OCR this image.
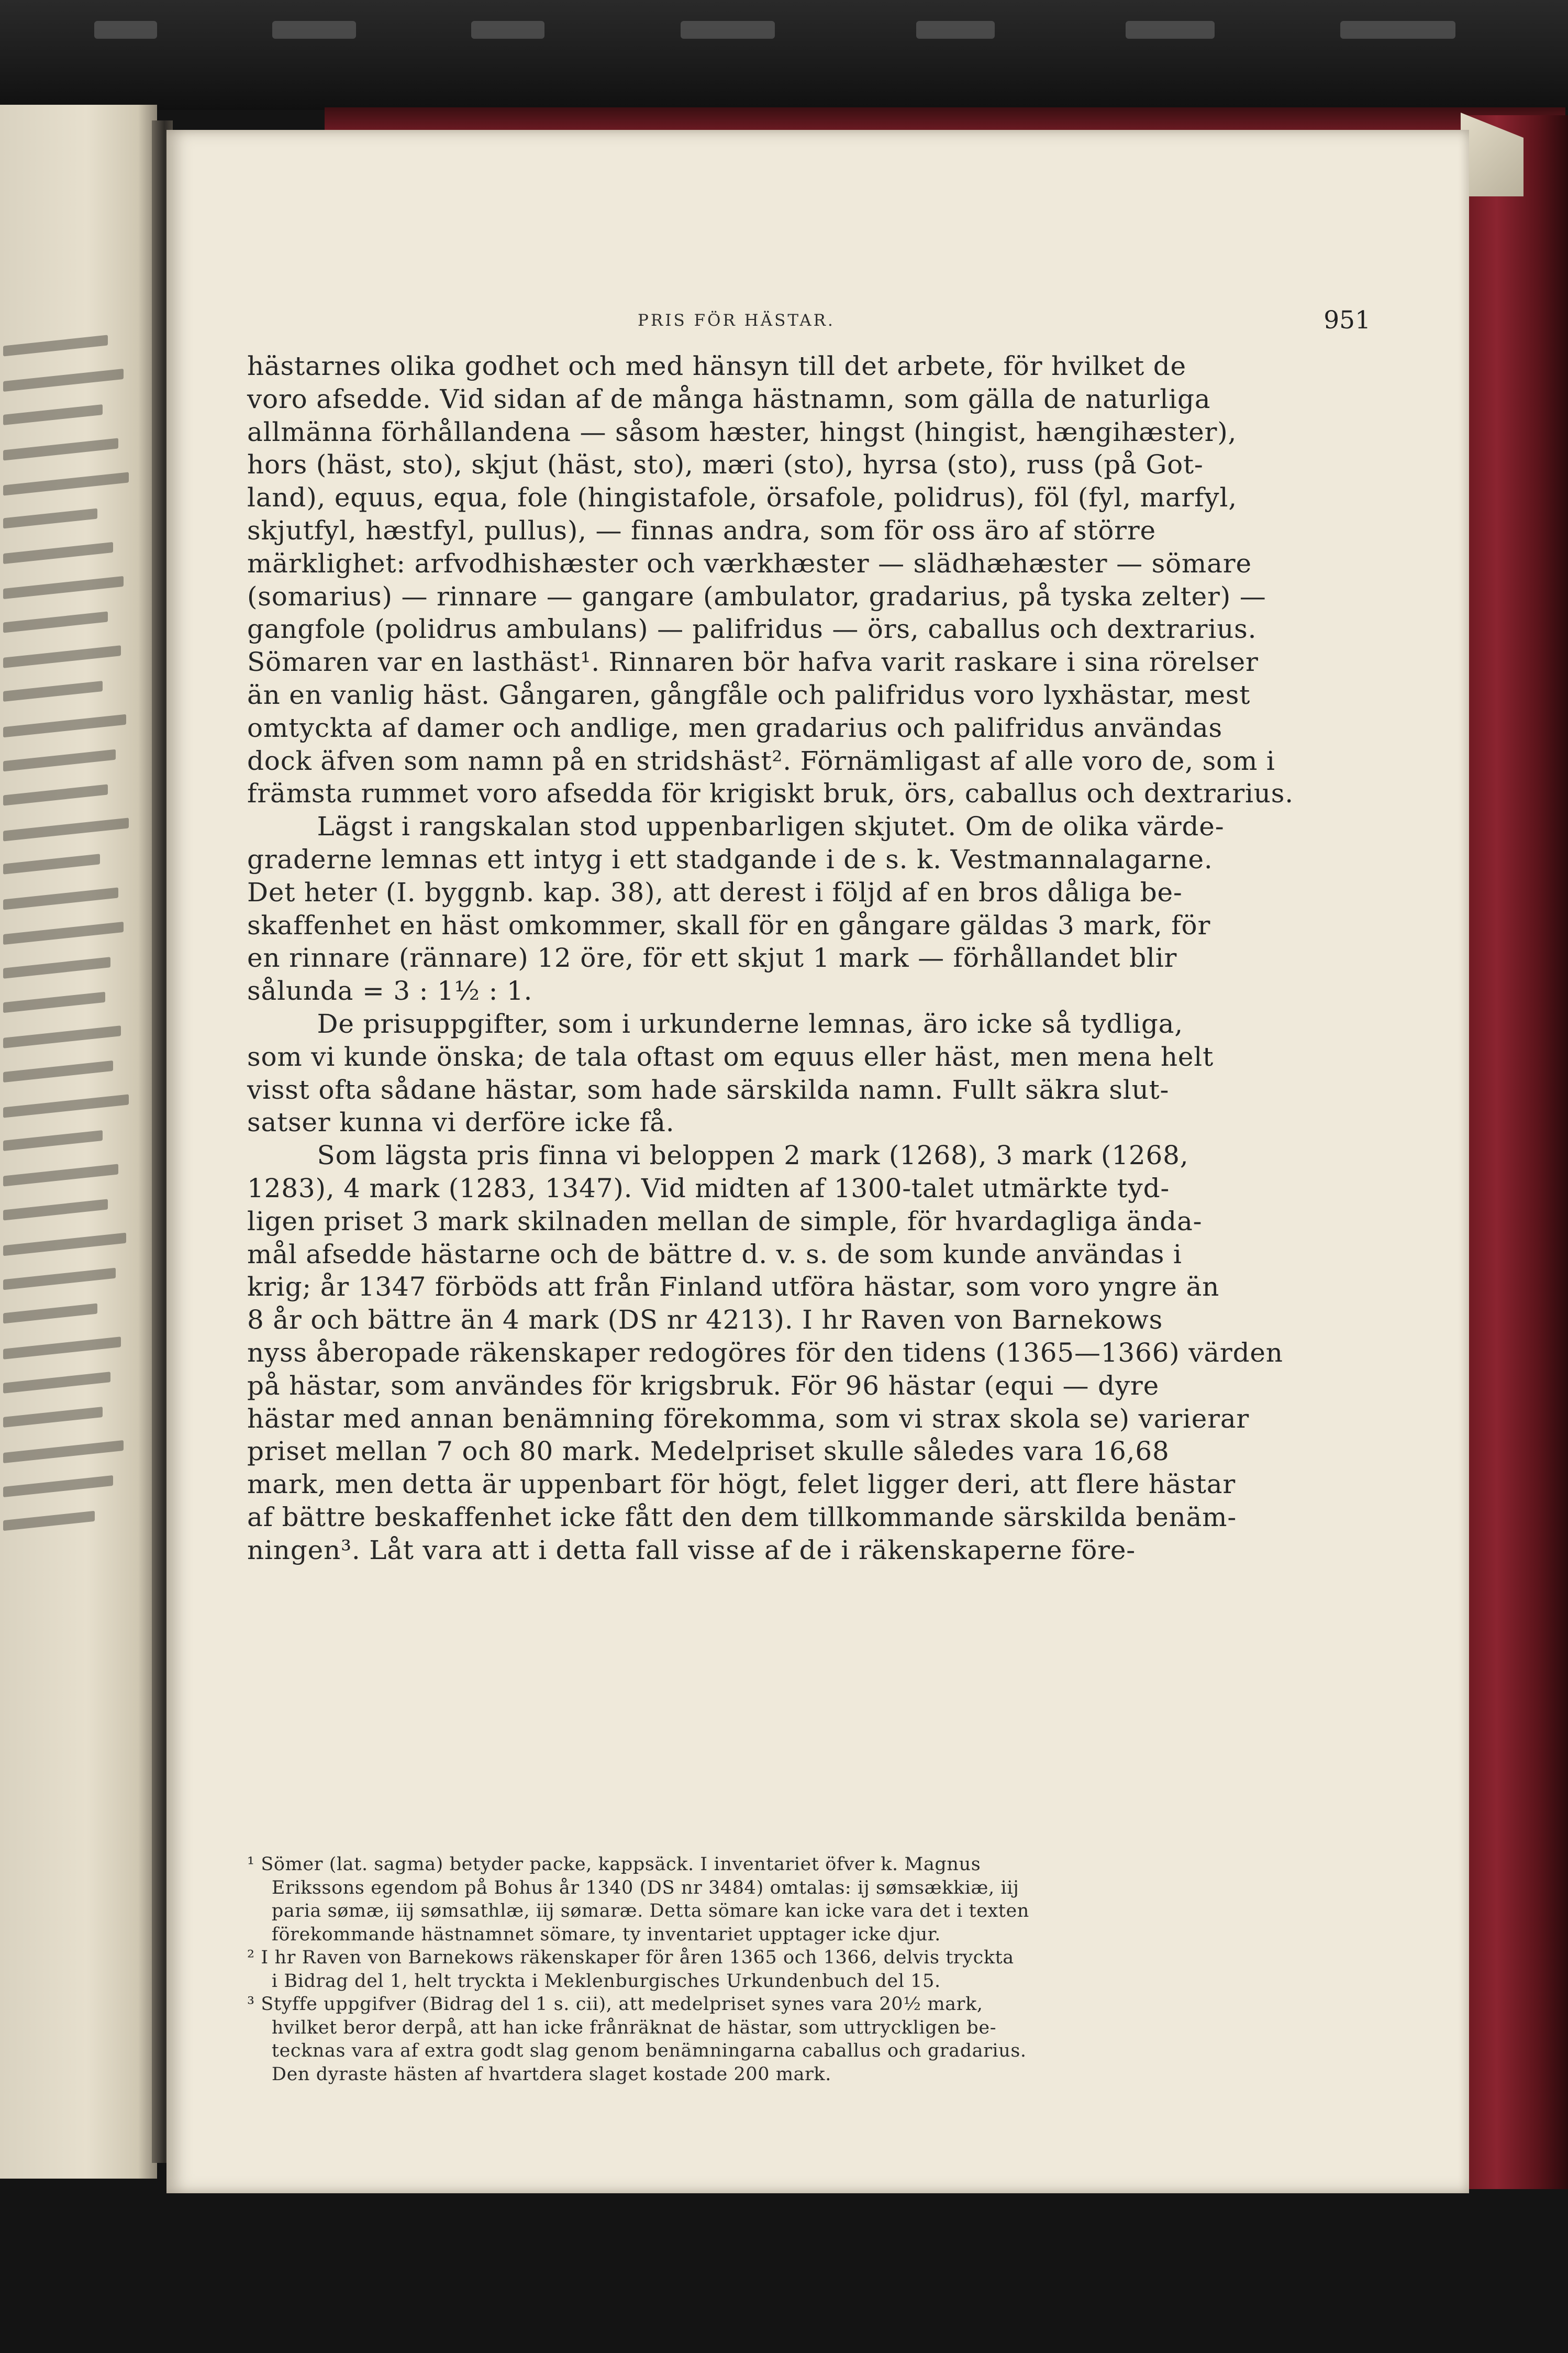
PRIS FÖR HÄSTAR.	951
hästarnes olika godhet och med hänsyn till det arbete, för hvilket de
voro afsedde. Vid sidan af de många hästnamn, som gälla de naturliga
allmänna förhållandena — såsom hæster, hingst (hingist, hængihæster),
hors (häst, sto), skjut (häst, sto), mæri (sto), hyrsa (sto), russ (på Got-
land), equus, equa, fole (hingistafole, örsafole, polidrus), föl (fyl, marfyl,
skjutfyl, hæstfyl, pullus), — finnas andra, som för oss äro af större
märklighet: arfvodhishæster och værkhæster — slädhæhæster — sömare
(somarius) — rinnare — gangare (ambulator, gradarius, på tyska zelter) —
gangfole (polidrus ambulans) — palifridus — örs, caballus och dextrarius.
Sömaren var en lasthäst¹. Rinnaren bör hafva varit raskare i sina rörelser
än en vanlig häst. Gångaren, gångfåle och palifridus voro lyxhästar, mest
omtyckta af damer och andlige, men gradarius och palifridus användas
dock äfven som namn på en stridshäst². Förnämligast af alle voro de, som i
främsta rummet voro afsedda för krigiskt bruk, örs, caballus och dextrarius.
Lägst i rangskalan stod uppenbarligen skjutet. Om de olika värde-
graderne lemnas ett intyg i ett stadgande i de s. k. Vestmannalagarne.
Det heter (I. byggnb. kap. 38), att derest i följd af en bros dåliga be-
skaffenhet en häst omkommer, skall för en gångare gäldas 3 mark, för
en rinnare (rännare) 12 öre, för ett skjut 1 mark — förhållandet blir
sålunda = 3 : 1½ : 1.
De prisuppgifter, som i urkunderne lemnas, äro icke så tydliga,
som vi kunde önska; de tala oftast om equus eller häst, men mena helt
visst ofta sådane hästar, som hade särskilda namn. Fullt säkra slut-
satser kunna vi derföre icke få.
Som lägsta pris finna vi beloppen 2 mark (1268), 3 mark (1268,
1283), 4 mark (1283, 1347). Vid midten af 1300-talet utmärkte tyd-
ligen priset 3 mark skilnaden mellan de simple, för hvardagliga ända-
mål afsedde hästarne och de bättre d. v. s. de som kunde användas i
krig; år 1347 förböds att från Finland utföra hästar, som voro yngre än
8 år och bättre än 4 mark (DS nr 4213). I hr Raven von Barnekows
nyss åberopade räkenskaper redogöres för den tidens (1365—1366) värden
på hästar, som användes för krigsbruk. För 96 hästar (equi — dyre
hästar med annan benämning förekomma, som vi strax skola se) varierar
priset mellan 7 och 80 mark. Medelpriset skulle således vara 16,68
mark, men detta är uppenbart för högt, felet ligger deri, att flere hästar
af bättre beskaffenhet icke fått den dem tillkommande särskilda benäm-
ningen³. Låt vara att i detta fall visse af de i räkenskaperne före-
¹ Sömer (lat. sagma) betyder packe, kappsäck. I inventariet öfver k. Magnus
Erikssons egendom på Bohus år 1340 (DS nr 3484) omtalas: ij sømsækkiæ, iij
paria sømæ, iij sømsathlæ, iij sømaræ. Detta sömare kan icke vara det i texten
förekommande hästnamnet sömare, ty inventariet upptager icke djur.
² I hr Raven von Barnekows räkenskaper för åren 1365 och 1366, delvis tryckta
i Bidrag del 1, helt tryckta i Meklenburgisches Urkundenbuch del 15.
³ Styffe uppgifver (Bidrag del 1 s. cii), att medelpriset synes vara 20½ mark,
hvilket beror derpå, att han icke frånräknat de hästar, som uttryckligen be-
tecknas vara af extra godt slag genom benämningarna caballus och gradarius.
Den dyraste hästen af hvartdera slaget kostade 200 mark.
